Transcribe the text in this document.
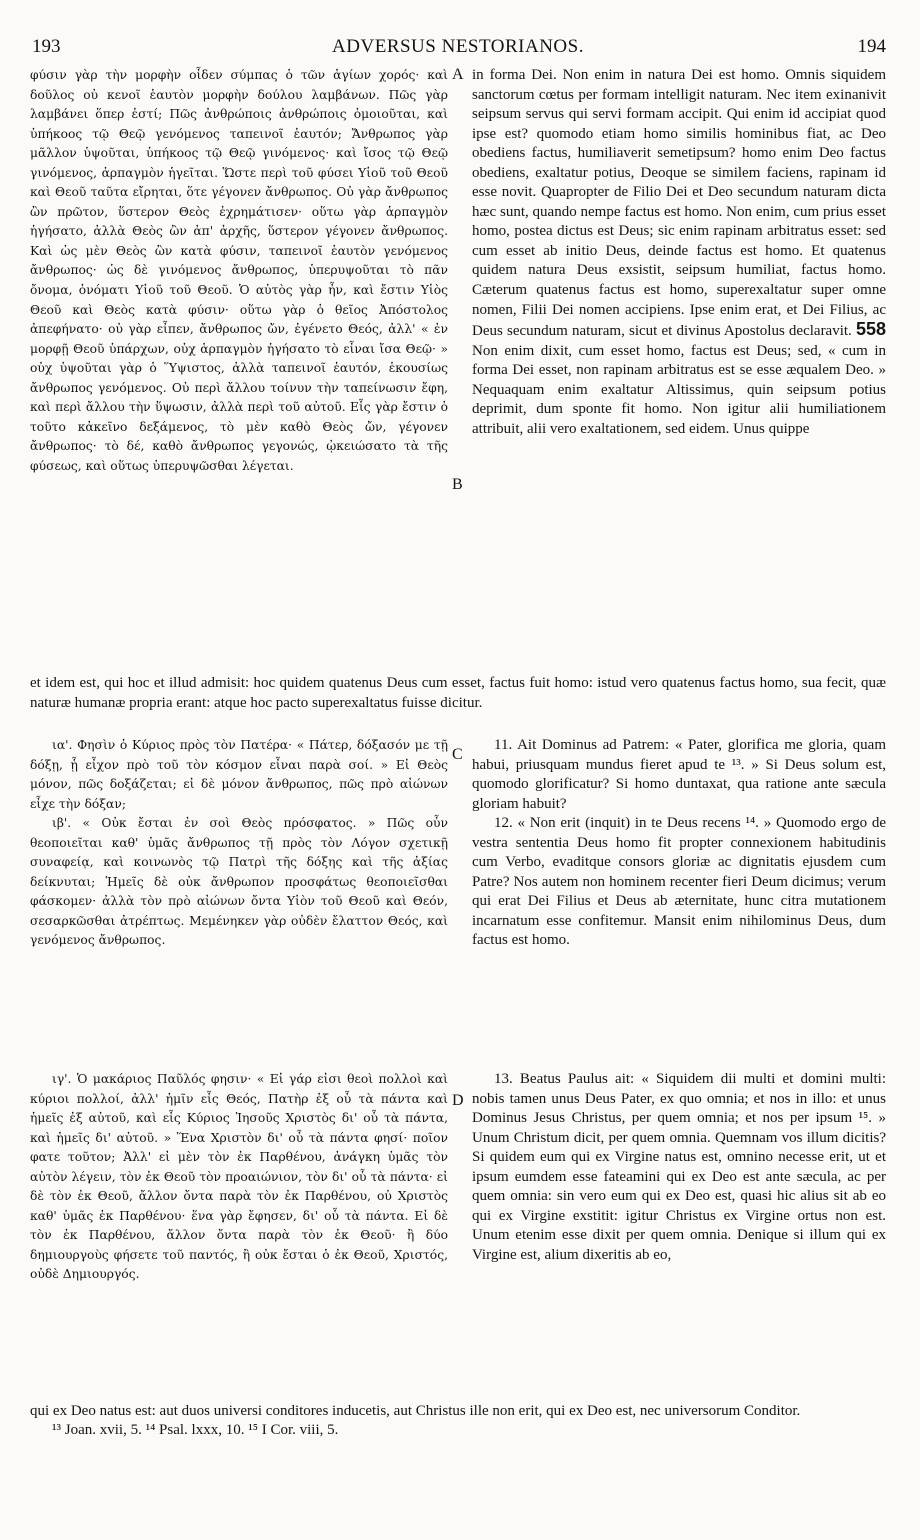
193	ADVERSUS NESTORIANOS.	194

φύσιν γὰρ τὴν μορφὴν οἶδεν σύμπας ὁ τῶν ἁγίων χορός· καὶ δοῦλος οὐ κενοῖ ἑαυτὸν μορφὴν δούλου λαμβάνων. Πῶς γὰρ λαμβάνει ὅπερ ἐστί; Πῶς ἀνθρώποις ἀνθρώποις ὁμοιοῦται, καὶ ὑπήκοος τῷ Θεῷ γενόμενος ταπεινοῖ ἑαυτόν; Ἄνθρωπος γὰρ μᾶλλον ὑψοῦται, ὑπήκοος τῷ Θεῷ γινόμενος· καὶ ἴσος τῷ Θεῷ γινόμενος, ἁρπαγμὸν ἡγεῖται. Ὥστε περὶ τοῦ φύσει Υἱοῦ τοῦ Θεοῦ καὶ Θεοῦ ταῦτα εἴρηται, ὅτε γέγονεν ἄνθρωπος. Οὐ γὰρ ἄνθρωπος ὢν πρῶτον, ὕστερον Θεὸς ἐχρημάτισεν· οὕτω γὰρ ἁρπαγμὸν ἡγήσατο, ἀλλὰ Θεὸς ὢν ἀπ' ἀρχῆς, ὕστερον γέγονεν ἄνθρωπος. Καὶ ὡς μὲν Θεὸς ὢν κατὰ φύσιν, ταπεινοῖ ἑαυτὸν γενόμενος ἄνθρωπος· ὡς δὲ γινόμενος ἄνθρωπος, ὑπερυψοῦται τὸ πᾶν ὄνομα, ὀνόματι Υἱοῦ τοῦ Θεοῦ. Ὁ αὐτὸς γὰρ ἦν, καὶ ἔστιν Υἱὸς Θεοῦ καὶ Θεὸς κατὰ φύσιν· οὕτω γὰρ ὁ θεῖος Ἀπόστολος ἀπεφήνατο· οὐ γὰρ εἶπεν, ἄνθρωπος ὤν, ἐγένετο Θεός, ἀλλ' « ἐν μορφῇ Θεοῦ ὑπάρχων, οὐχ ἁρπαγμὸν ἡγήσατο τὸ εἶναι ἴσα Θεῷ· » οὐχ ὑψοῦται γὰρ ὁ Ὕψιστος, ἀλλὰ ταπεινοῖ ἑαυτόν, ἑκουσίως ἄνθρωπος γενόμενος. Οὐ περὶ ἄλλου τοίνυν τὴν ταπείνωσιν ἔφη, καὶ περὶ ἄλλου τὴν ὕψωσιν, ἀλλὰ περὶ τοῦ αὐτοῦ. Εἷς γὰρ ἔστιν ὁ τοῦτο κἀκεῖνο δεξάμενος, τὸ μὲν καθὸ Θεὸς ὤν, γέγονεν ἄνθρωπος· τὸ δέ, καθὸ ἄνθρωπος γεγονώς, ᾠκειώσατο τὰ τῆς φύσεως, καὶ οὕτως ὑπερυψῶσθαι λέγεται.

in forma Dei. Non enim in natura Dei est homo. Omnis siquidem sanctorum cœtus per formam intelligit naturam. Nec item exinanivit seipsum servus qui servi formam accipit. Qui enim id accipiat quod ipse est? quomodo etiam homo similis hominibus fiat, ac Deo obediens factus, humiliaverit semetipsum? homo enim Deo factus obediens, exaltatur potius, Deoque se similem faciens, rapinam id esse novit. Quapropter de Filio Dei et Deo secundum naturam dicta hæc sunt, quando nempe factus est homo. Non enim, cum prius esset homo, postea dictus est Deus; sic enim rapinam arbitratus esset: sed cum esset ab initio Deus, deinde factus est homo. Et quatenus quidem natura Deus exsistit, seipsum humiliat, factus homo. Cæterum quatenus factus est homo, superexaltatur super omne nomen, Filii Dei nomen accipiens. Ipse enim erat, et Dei Filius, ac Deus secundum naturam, sicut et divinus Apostolus declaravit. 558 Non enim dixit, cum esset homo, factus est Deus; sed, « cum in forma Dei esset, non rapinam arbitratus est se esse æqualem Deo. » Nequaquam enim exaltatur Altissimus, quin seipsum potius deprimit, dum sponte fit homo. Non igitur alii humiliationem attribuit, alii vero exaltationem, sed eidem. Unus quippe

A
B
et idem est, qui hoc et illud admisit: hoc quidem quatenus Deus cum esset, factus fuit homo: istud vero quatenus factus homo, sua fecit, quæ naturæ humanæ propria erant: atque hoc pacto superexaltatus fuisse dicitur.

ια'. Φησὶν ὁ Κύριος πρὸς τὸν Πατέρα· « Πάτερ, δόξασόν με τῇ δόξῃ, ᾗ εἶχον πρὸ τοῦ τὸν κόσμον εἶναι παρὰ σοί. » Εἰ Θεὸς μόνον, πῶς δοξάζεται; εἰ δὲ μόνον ἄνθρωπος, πῶς πρὸ αἰώνων εἶχε τὴν δόξαν;

ιβ'. « Οὐκ ἔσται ἐν σοὶ Θεὸς πρόσφατος. » Πῶς οὖν θεοποιεῖται καθ' ὑμᾶς ἄνθρωπος τῇ πρὸς τὸν Λόγον σχετικῇ συναφείᾳ, καὶ κοινωνὸς τῷ Πατρὶ τῆς δόξης καὶ τῆς ἀξίας δείκνυται; Ἡμεῖς δὲ οὐκ ἄνθρωπον προσφάτως θεοποιεῖσθαι φάσκομεν· ἀλλὰ τὸν πρὸ αἰώνων ὄντα Υἱὸν τοῦ Θεοῦ καὶ Θεόν, σεσαρκῶσθαι ἀτρέπτως. Μεμένηκεν γὰρ οὐδὲν ἔλαττον Θεός, καὶ γενόμενος ἄνθρωπος.

11. Ait Dominus ad Patrem: « Pater, glorifica me gloria, quam habui, priusquam mundus fieret apud te ¹³. » Si Deus solum est, quomodo glorificatur? Si homo duntaxat, qua ratione ante sæcula gloriam habuit?

12. « Non erit (inquit) in te Deus recens ¹⁴. » Quomodo ergo de vestra sententia Deus homo fit propter connexionem habitudinis cum Verbo, evaditque consors gloriæ ac dignitatis ejusdem cum Patre? Nos autem non hominem recenter fieri Deum dicimus; verum qui erat Dei Filius et Deus ab æternitate, hunc citra mutationem incarnatum esse confitemur. Mansit enim nihilominus Deus, dum factus est homo.

C

ιγ'. Ὁ μακάριος Παῦλός φησιν· « Εἰ γάρ εἰσι θεοὶ πολλοὶ καὶ κύριοι πολλοί, ἀλλ' ἡμῖν εἷς Θεός, Πατὴρ ἐξ οὗ τὰ πάντα καὶ ἡμεῖς ἐξ αὐτοῦ, καὶ εἷς Κύριος Ἰησοῦς Χριστὸς δι' οὗ τὰ πάντα, καὶ ἡμεῖς δι' αὐτοῦ. » Ἕνα Χριστὸν δι' οὗ τὰ πάντα φησί· ποῖον φατε τοῦτον; Ἀλλ' εἰ μὲν τὸν ἐκ Παρθένου, ἀνάγκη ὑμᾶς τὸν αὐτὸν λέγειν, τὸν ἐκ Θεοῦ τὸν προαιώνιον, τὸν δι' οὗ τὰ πάντα· εἰ δὲ τὸν ἐκ Θεοῦ, ἄλλον ὄντα παρὰ τὸν ἐκ Παρθένου, οὐ Χριστὸς καθ' ὑμᾶς ἐκ Παρθένου· ἕνα γὰρ ἔφησεν, δι' οὗ τὰ πάντα. Εἰ δὲ τὸν ἐκ Παρθένου, ἄλλον ὄντα παρὰ τὸν ἐκ Θεοῦ· ἢ δύο δημιουργοὺς φήσετε τοῦ παντός, ἢ οὐκ ἔσται ὁ ἐκ Θεοῦ, Χριστός, οὐδὲ Δημιουργός.

13. Beatus Paulus ait: « Siquidem dii multi et domini multi: nobis tamen unus Deus Pater, ex quo omnia; et nos in illo: et unus Dominus Jesus Christus, per quem omnia; et nos per ipsum ¹⁵. » Unum Christum dicit, per quem omnia. Quemnam vos illum dicitis? Si quidem eum qui ex Virgine natus est, omnino necesse erit, ut et ipsum eumdem esse fateamini qui ex Deo est ante sæcula, ac per quem omnia: sin vero eum qui ex Deo est, quasi hic alius sit ab eo qui ex Virgine exstitit: igitur Christus ex Virgine ortus non est. Unum etenim esse dixit per quem omnia. Denique si illum qui ex Virgine est, alium dixeritis ab eo,

D
qui ex Deo natus est: aut duos universi conditores inducetis, aut Christus ille non erit, qui ex Deo est, nec universorum Conditor.
¹³ Joan. xvii, 5. ¹⁴ Psal. lxxx, 10. ¹⁵ I Cor. viii, 5.
